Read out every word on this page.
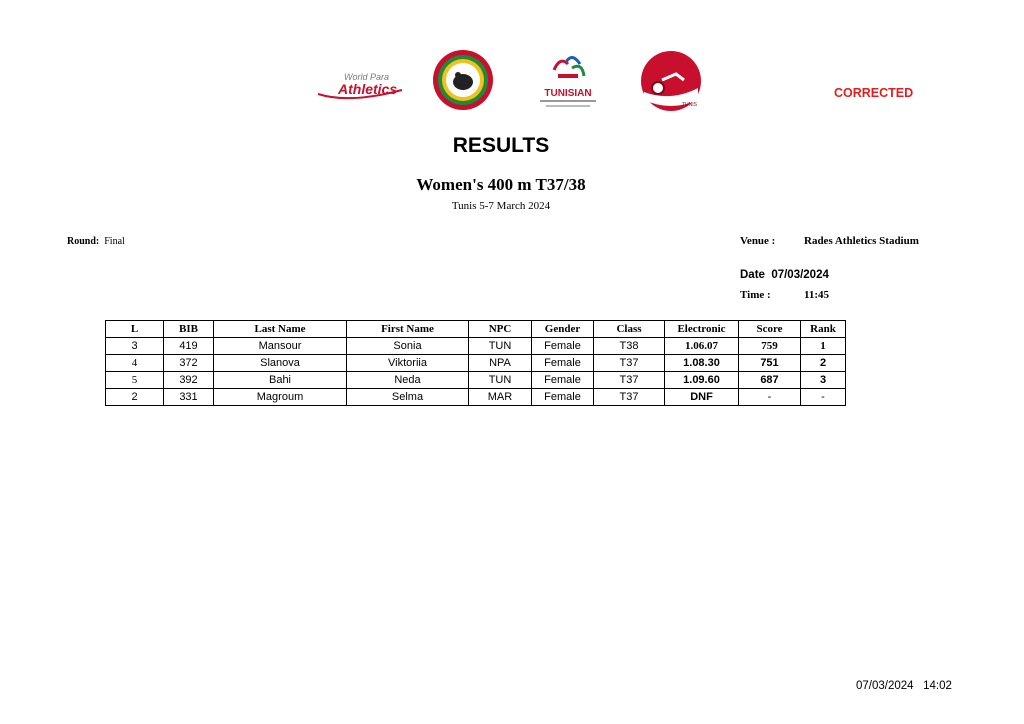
World Para
Athletics	TUNISIAN
TUNIS
CORRECTED
RESULTS
Women's 400 m T37/38
Tunis 5-7 March 2024
Round: Final	Venue :	Rades Athletics Stadium
Date  07/03/2024
Time :	11:45
L	BIB	Last Name	First Name	NPC	Gender	Class	Electronic	Score	Rank
3	419	Mansour	Sonia	TUN	Female	T38	1.06.07	759	1
4	372	Slanova	Viktoriia	NPA	Female	T37	1.08.30	751	2
5	392	Bahi	Neda	TUN	Female	T37	1.09.60	687	3
2	331	Magroum	Selma	MAR	Female	T37	DNF	-	-
07/03/2024   14:02
